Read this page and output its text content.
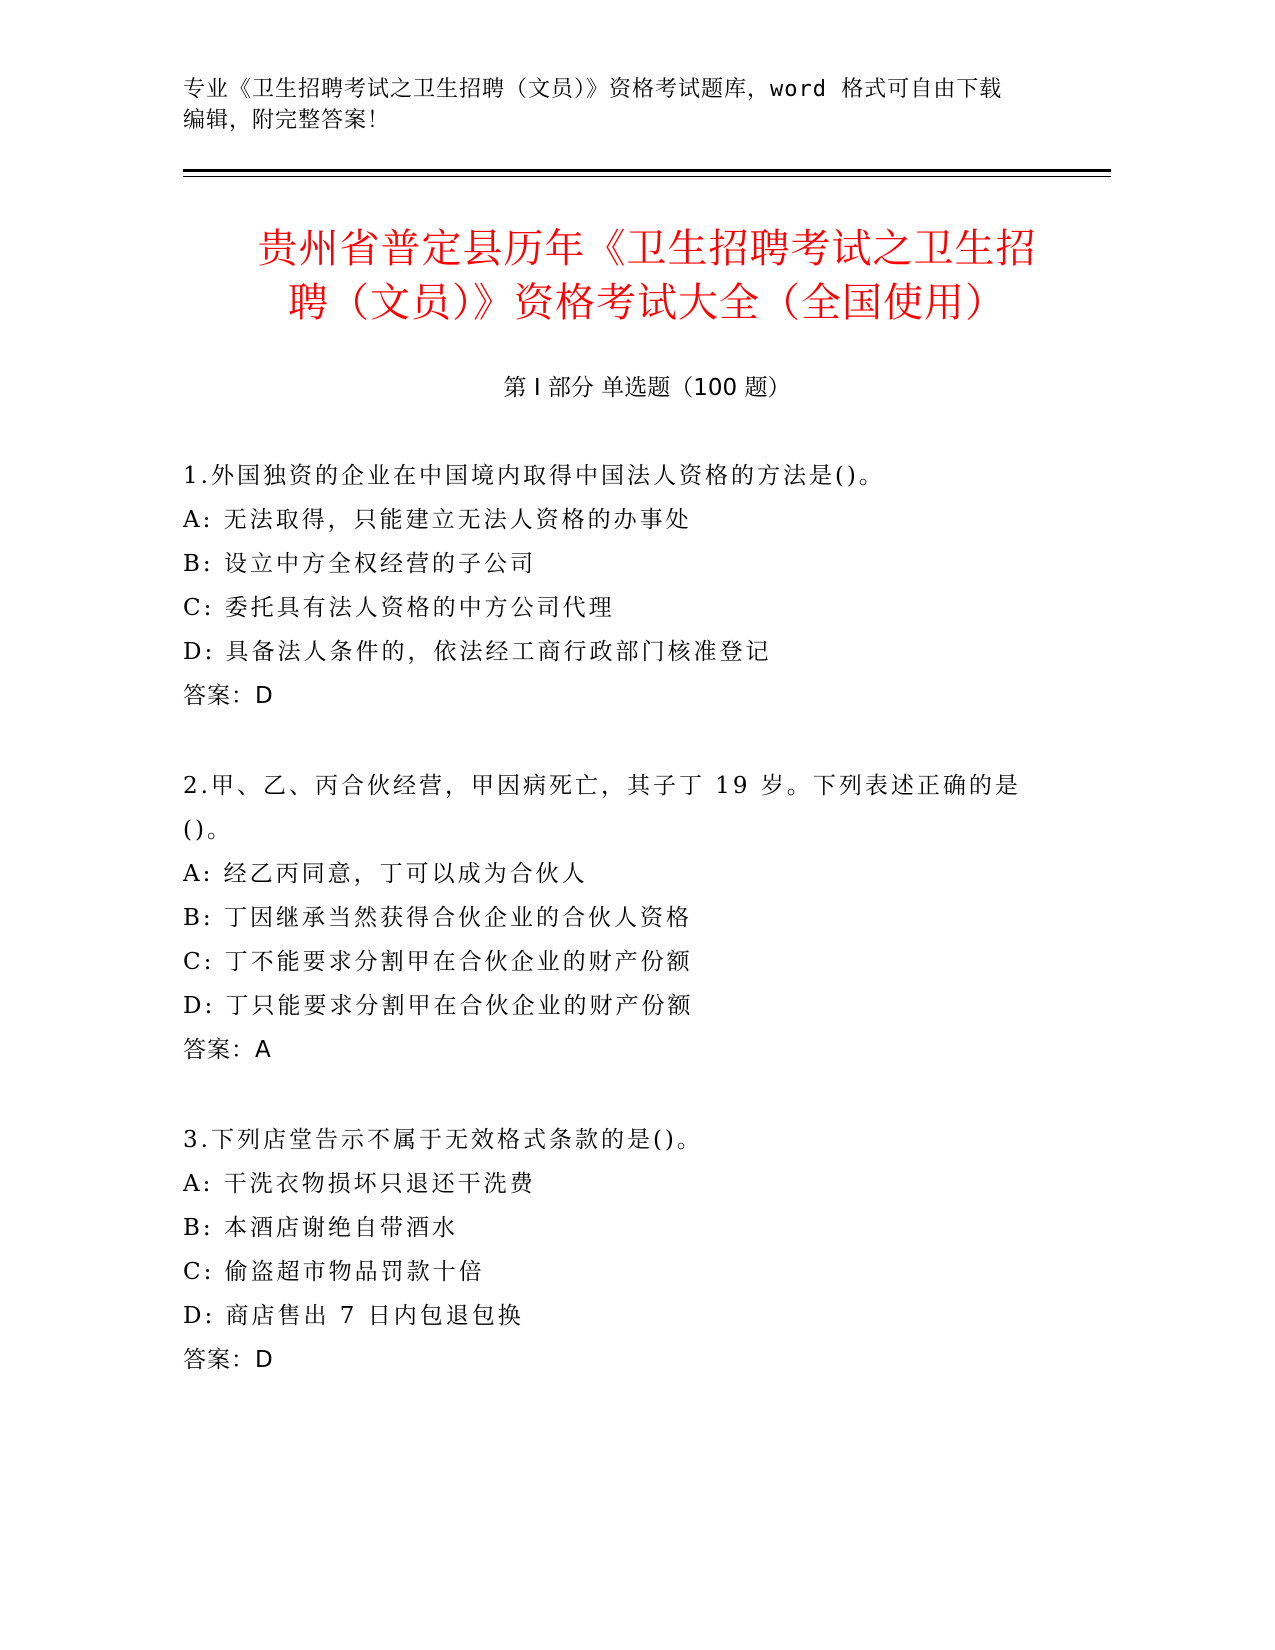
专业《卫生招聘考试之卫生招聘（文员）》资格考试题库，word 格式可自由下载
编辑，附完整答案！
贵州省普定县历年《卫生招聘考试之卫生招
聘（文员）》资格考试大全（全国使用）
第 I 部分 单选题（100 题）
1.外国独资的企业在中国境内取得中国法人资格的方法是()。
A: 无法取得，只能建立无法人资格的办事处
B: 设立中方全权经营的子公司
C: 委托具有法人资格的中方公司代理
D: 具备法人条件的，依法经工商行政部门核准登记
答案：D
2.甲、乙、丙合伙经营，甲因病死亡，其子丁 19 岁。下列表述正确的是()。
A: 经乙丙同意，丁可以成为合伙人
B: 丁因继承当然获得合伙企业的合伙人资格
C: 丁不能要求分割甲在合伙企业的财产份额
D: 丁只能要求分割甲在合伙企业的财产份额
答案：A
3.下列店堂告示不属于无效格式条款的是()。
A: 干洗衣物损坏只退还干洗费
B: 本酒店谢绝自带酒水
C: 偷盗超市物品罚款十倍
D: 商店售出 7 日内包退包换
答案：D
